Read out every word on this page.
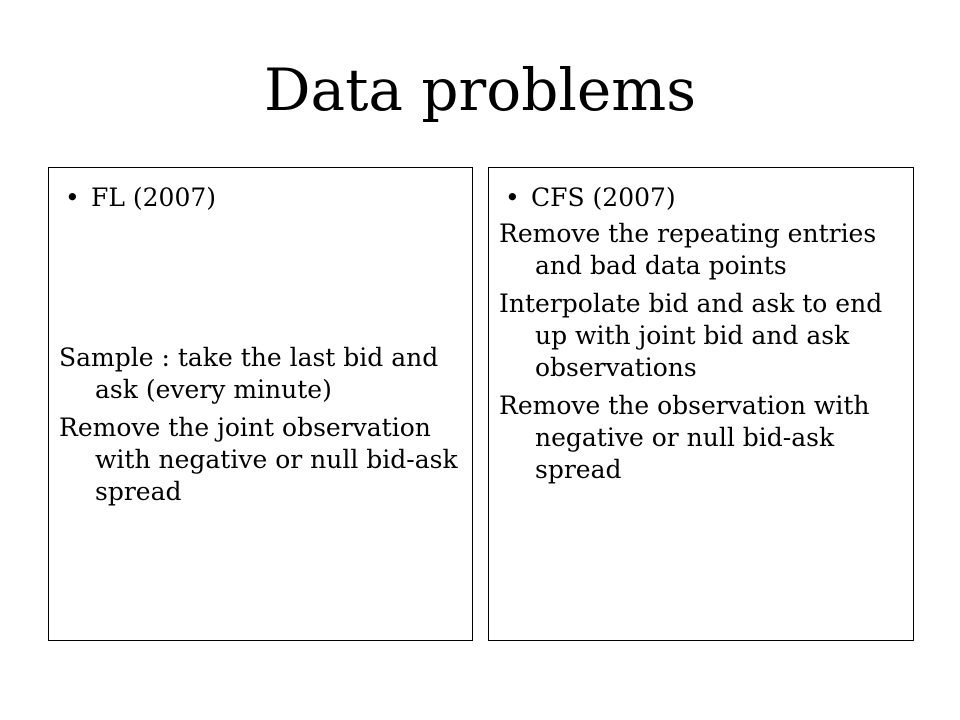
Data problems
• FL (2007)

Sample : take the last bid and ask (every minute)

Remove the joint observation with negative or null bid-ask spread

• CFS (2007)

Remove the repeating entries and bad data points

Interpolate bid and ask to end up with joint bid and ask observations

Remove the observation with negative or null bid-ask spread
